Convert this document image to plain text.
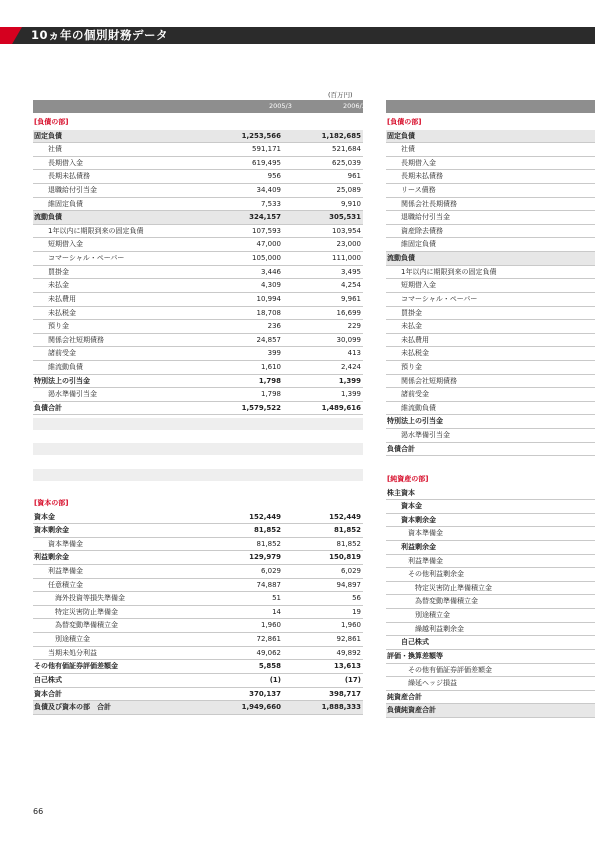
10ヵ年の個別財務データ
(百万円)
2005/3	2006/3
[負債の部]
固定負債	1,253,566	1,182,685
社債	591,171	521,684
長期借入金	619,495	625,039
長期未払債務	956	961
退職給付引当金	34,409	25,089
維固定負債	7,533	9,910
流動負債	324,157	305,531
1年以内に期限到来の固定負債	107,593	103,954
短期借入金	47,000	23,000
コマーシャル・ペーパー	105,000	111,000
買掛金	3,446	3,495
未払金	4,309	4,254
未払費用	10,994	9,961
未払税金	18,708	16,699
預り金	236	229
関係会社短期債務	24,857	30,099
諸前受金	399	413
維流動負債	1,610	2,424
特別法上の引当金	1,798	1,399
渇水準備引当金	1,798	1,399
負債合計	1,579,522	1,489,616
[負債の部]
固定負債
社債
長期借入金
長期未払債務
リース債務
関係会社長期債務
退職給付引当金
資産除去債務
維固定負債
流動負債
1年以内に期限到来の固定負債
短期借入金
コマーシャル・ペーパー
買掛金
未払金
未払費用
未払税金
預り金
関係会社短期債務
諸前受金
維流動負債
特別法上の引当金
渇水準備引当金
負債合計
[資本の部]
資本金	152,449	152,449
資本剰余金	81,852	81,852
資本準備金	81,852	81,852
利益剰余金	129,979	150,819
利益準備金	6,029	6,029
任意積立金	74,887	94,897
海外投資等損失準備金	51	56
特定災害防止準備金	14	19
為替変動準備積立金	1,960	1,960
別途積立金	72,861	92,861
当期未処分利益	49,062	49,892
その他有価証券評価差額金	5,858	13,613
自己株式	(1)	(17)
資本合計	370,137	398,717
負債及び資本の部　合計	1,949,660	1,888,333
[純資産の部]
株主資本
資本金
資本剰余金
資本準備金
利益剰余金
利益準備金
その他利益剰余金
特定災害防止準備積立金
為替変動準備積立金
別途積立金
繰越利益剰余金
自己株式
評価・換算差額等
その他有価証券評価差額金
繰延ヘッジ損益
純資産合計
負債純資産合計
66
